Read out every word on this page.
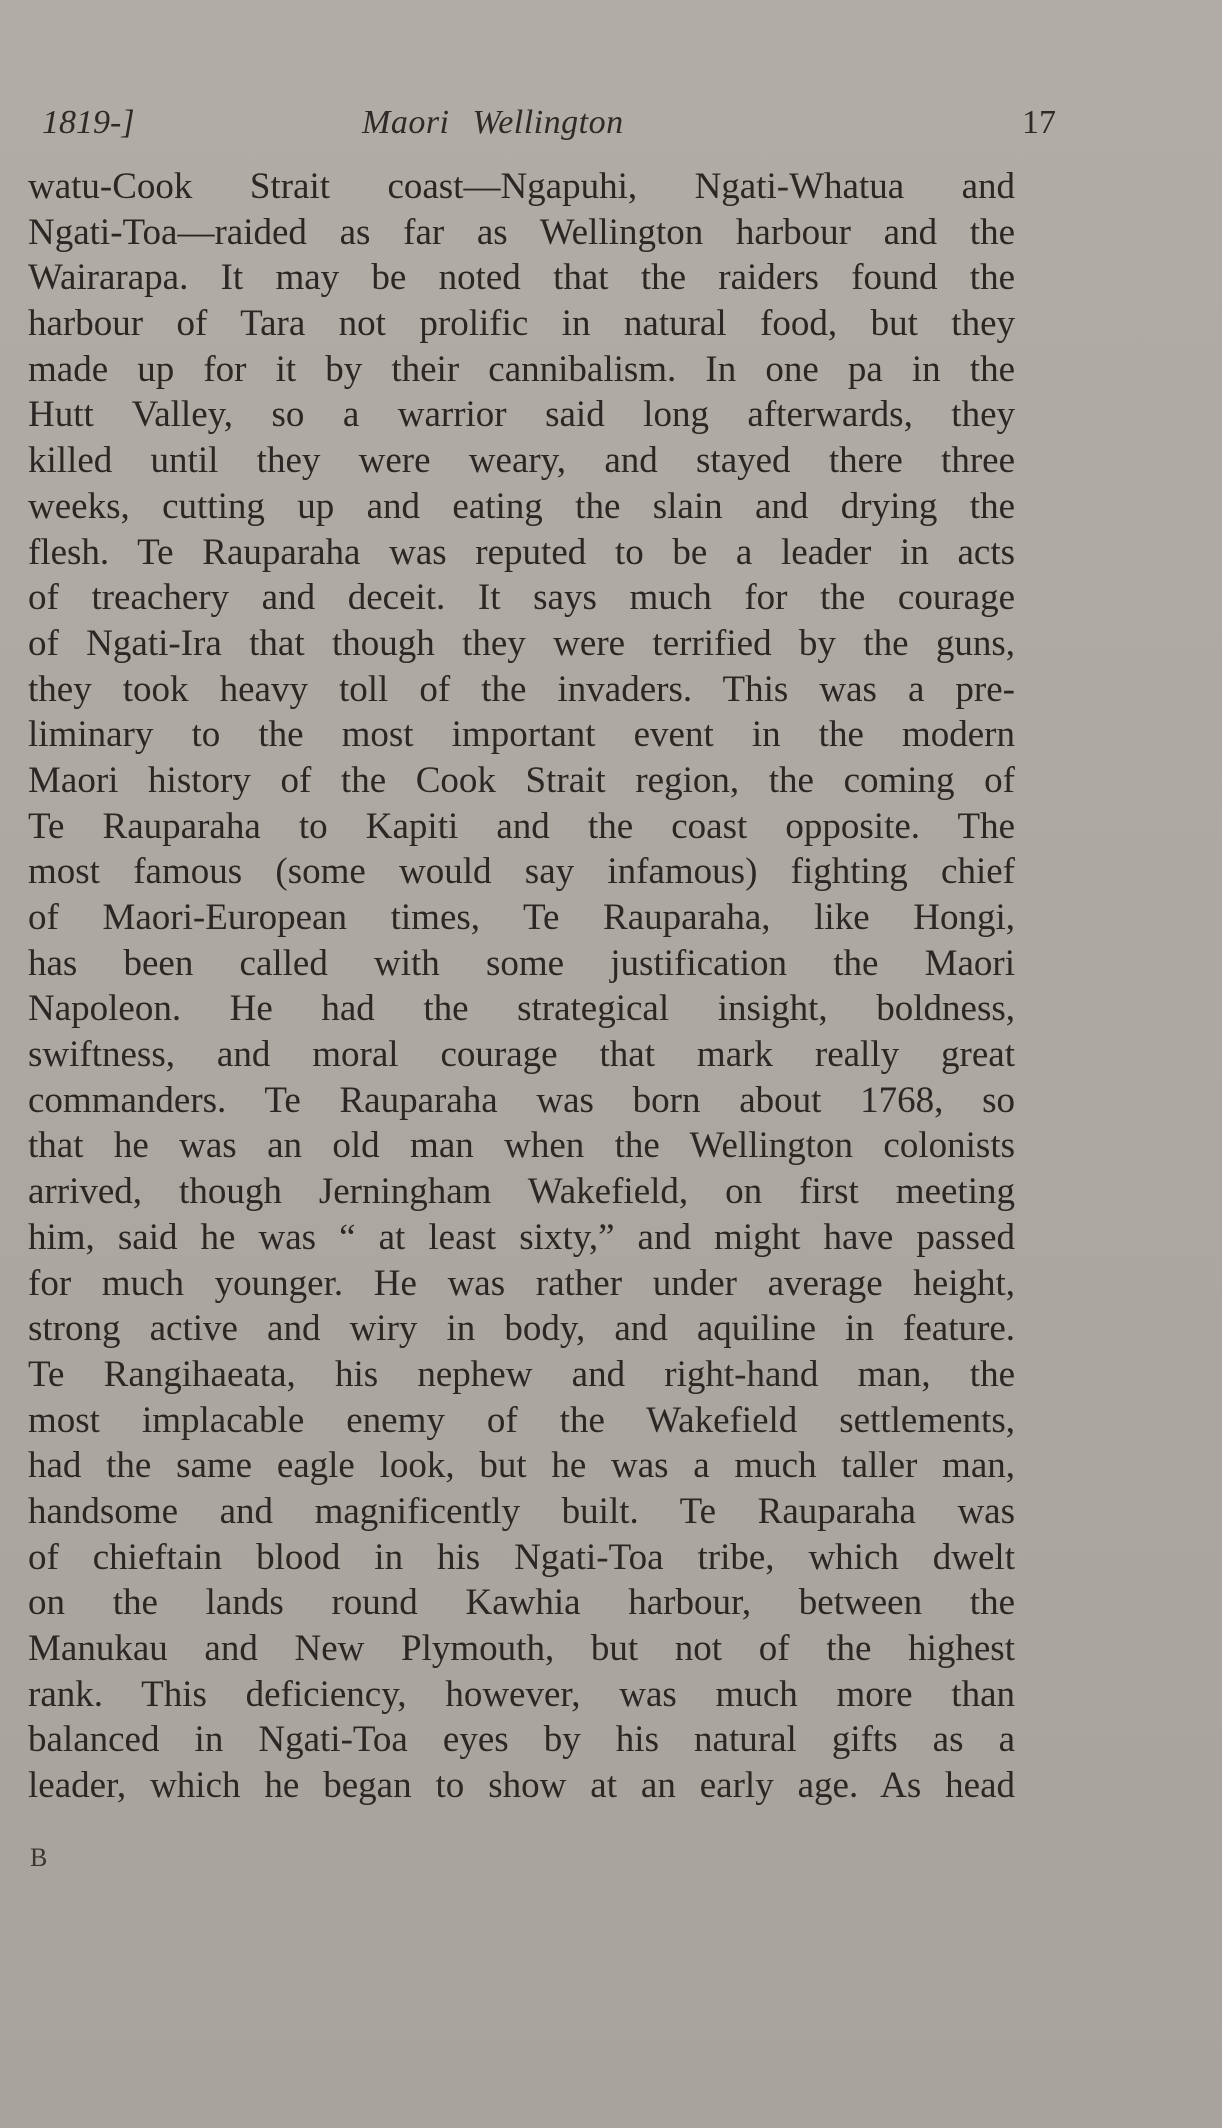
1819-]	Maori Wellington	17
watu-Cook Strait coast—Ngapuhi, Ngati-Whatua and
Ngati-Toa—raided as far as Wellington harbour and the
Wairarapa. It may be noted that the raiders found the
harbour of Tara not prolific in natural food, but they
made up for it by their cannibalism. In one pa in the
Hutt Valley, so a warrior said long afterwards, they
killed until they were weary, and stayed there three
weeks, cutting up and eating the slain and drying the
flesh. Te Rauparaha was reputed to be a leader in acts
of treachery and deceit. It says much for the courage
of Ngati-Ira that though they were terrified by the guns,
they took heavy toll of the invaders. This was a pre-
liminary to the most important event in the modern
Maori history of the Cook Strait region, the coming of
Te Rauparaha to Kapiti and the coast opposite. The
most famous (some would say infamous) fighting chief
of Maori-European times, Te Rauparaha, like Hongi,
has been called with some justification the Maori
Napoleon. He had the strategical insight, boldness,
swiftness, and moral courage that mark really great
commanders. Te Rauparaha was born about 1768, so
that he was an old man when the Wellington colonists
arrived, though Jerningham Wakefield, on first meeting
him, said he was “ at least sixty,” and might have passed
for much younger. He was rather under average height,
strong active and wiry in body, and aquiline in feature.
Te Rangihaeata, his nephew and right-hand man, the
most implacable enemy of the Wakefield settlements,
had the same eagle look, but he was a much taller man,
handsome and magnificently built. Te Rauparaha was
of chieftain blood in his Ngati-Toa tribe, which dwelt
on the lands round Kawhia harbour, between the
Manukau and New Plymouth, but not of the highest
rank. This deficiency, however, was much more than
balanced in Ngati-Toa eyes by his natural gifts as a
leader, which he began to show at an early age. As head
B
